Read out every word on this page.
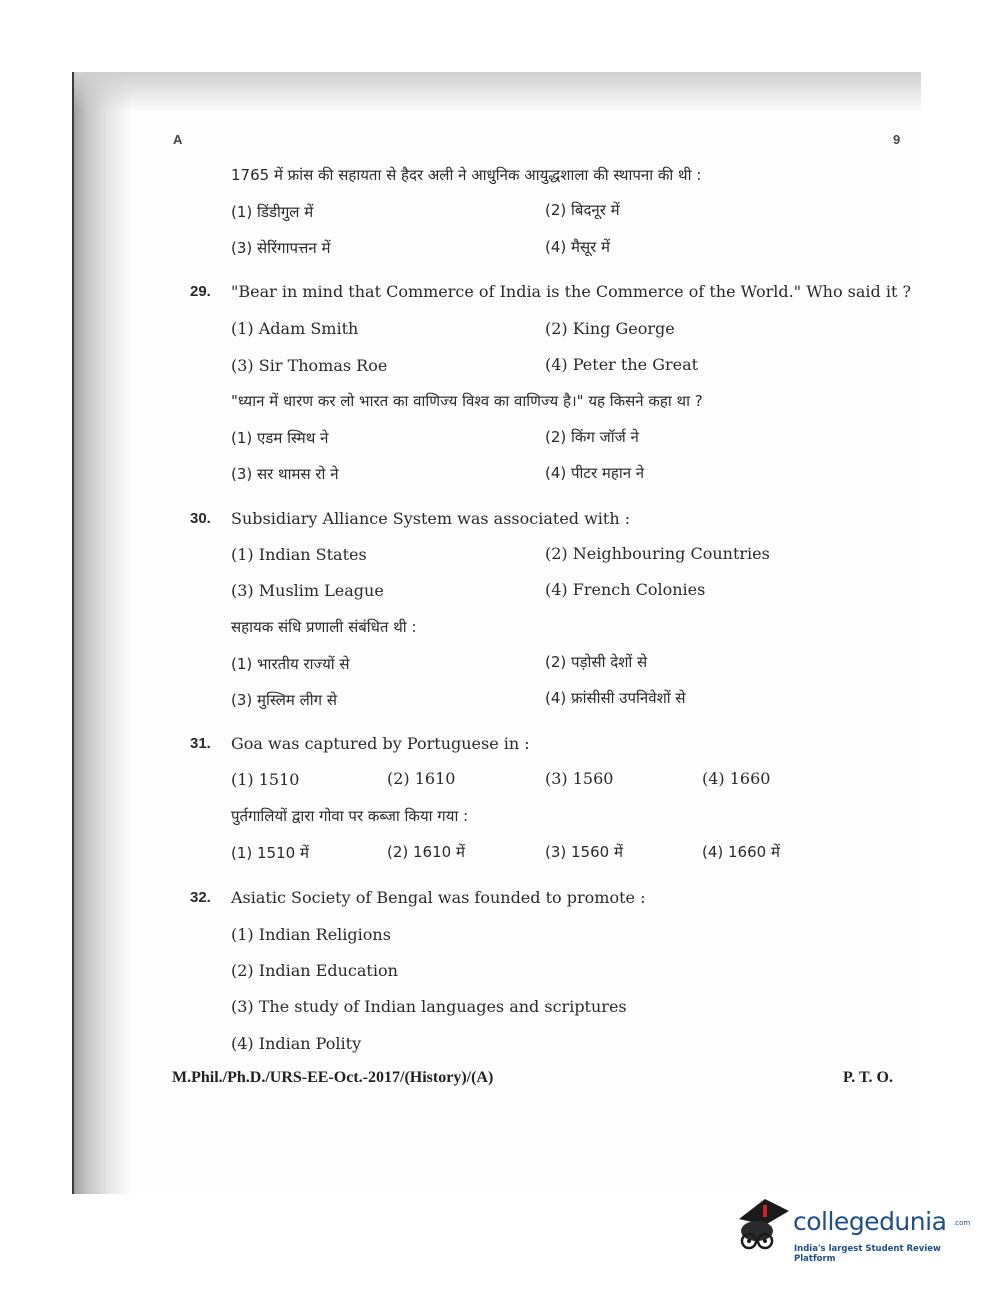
A	9
1765 में फ्रांस की सहायता से हैदर अली ने आधुनिक आयुद्धशाला की स्थापना की थी :
(1) डिंडीगुल में	(2) बिदनूर में
(3) सेरिंगापत्तन में	(4) मैसूर में
29. "Bear in mind that Commerce of India is the Commerce of the World." Who said it ?
(1) Adam Smith	(2) King George
(3) Sir Thomas Roe	(4) Peter the Great
"ध्यान में धारण कर लो भारत का वाणिज्य विश्व का वाणिज्य है।" यह किसने कहा था ?
(1) एडम स्मिथ ने	(2) किंग जॉर्ज ने
(3) सर थामस रो ने	(4) पीटर महान ने
30. Subsidiary Alliance System was associated with :
(1) Indian States	(2) Neighbouring Countries
(3) Muslim League	(4) French Colonies
सहायक संधि प्रणाली संबंधित थी :
(1) भारतीय राज्यों से	(2) पड़ोसी देशों से
(3) मुस्लिम लीग से	(4) फ्रांसीसी उपनिवेशों से
31. Goa was captured by Portuguese in :
(1) 1510	(2) 1610	(3) 1560	(4) 1660
पुर्तगालियों द्वारा गोवा पर कब्जा किया गया :
(1) 1510 में	(2) 1610 में	(3) 1560 में	(4) 1660 में
32. Asiatic Society of Bengal was founded to promote :
(1) Indian Religions
(2) Indian Education
(3) The study of Indian languages and scriptures
(4) Indian Polity
M.Phil./Ph.D./URS-EE-Oct.-2017/(History)/(A)	P. T. O.
collegedunia .com
India's largest Student Review Platform
